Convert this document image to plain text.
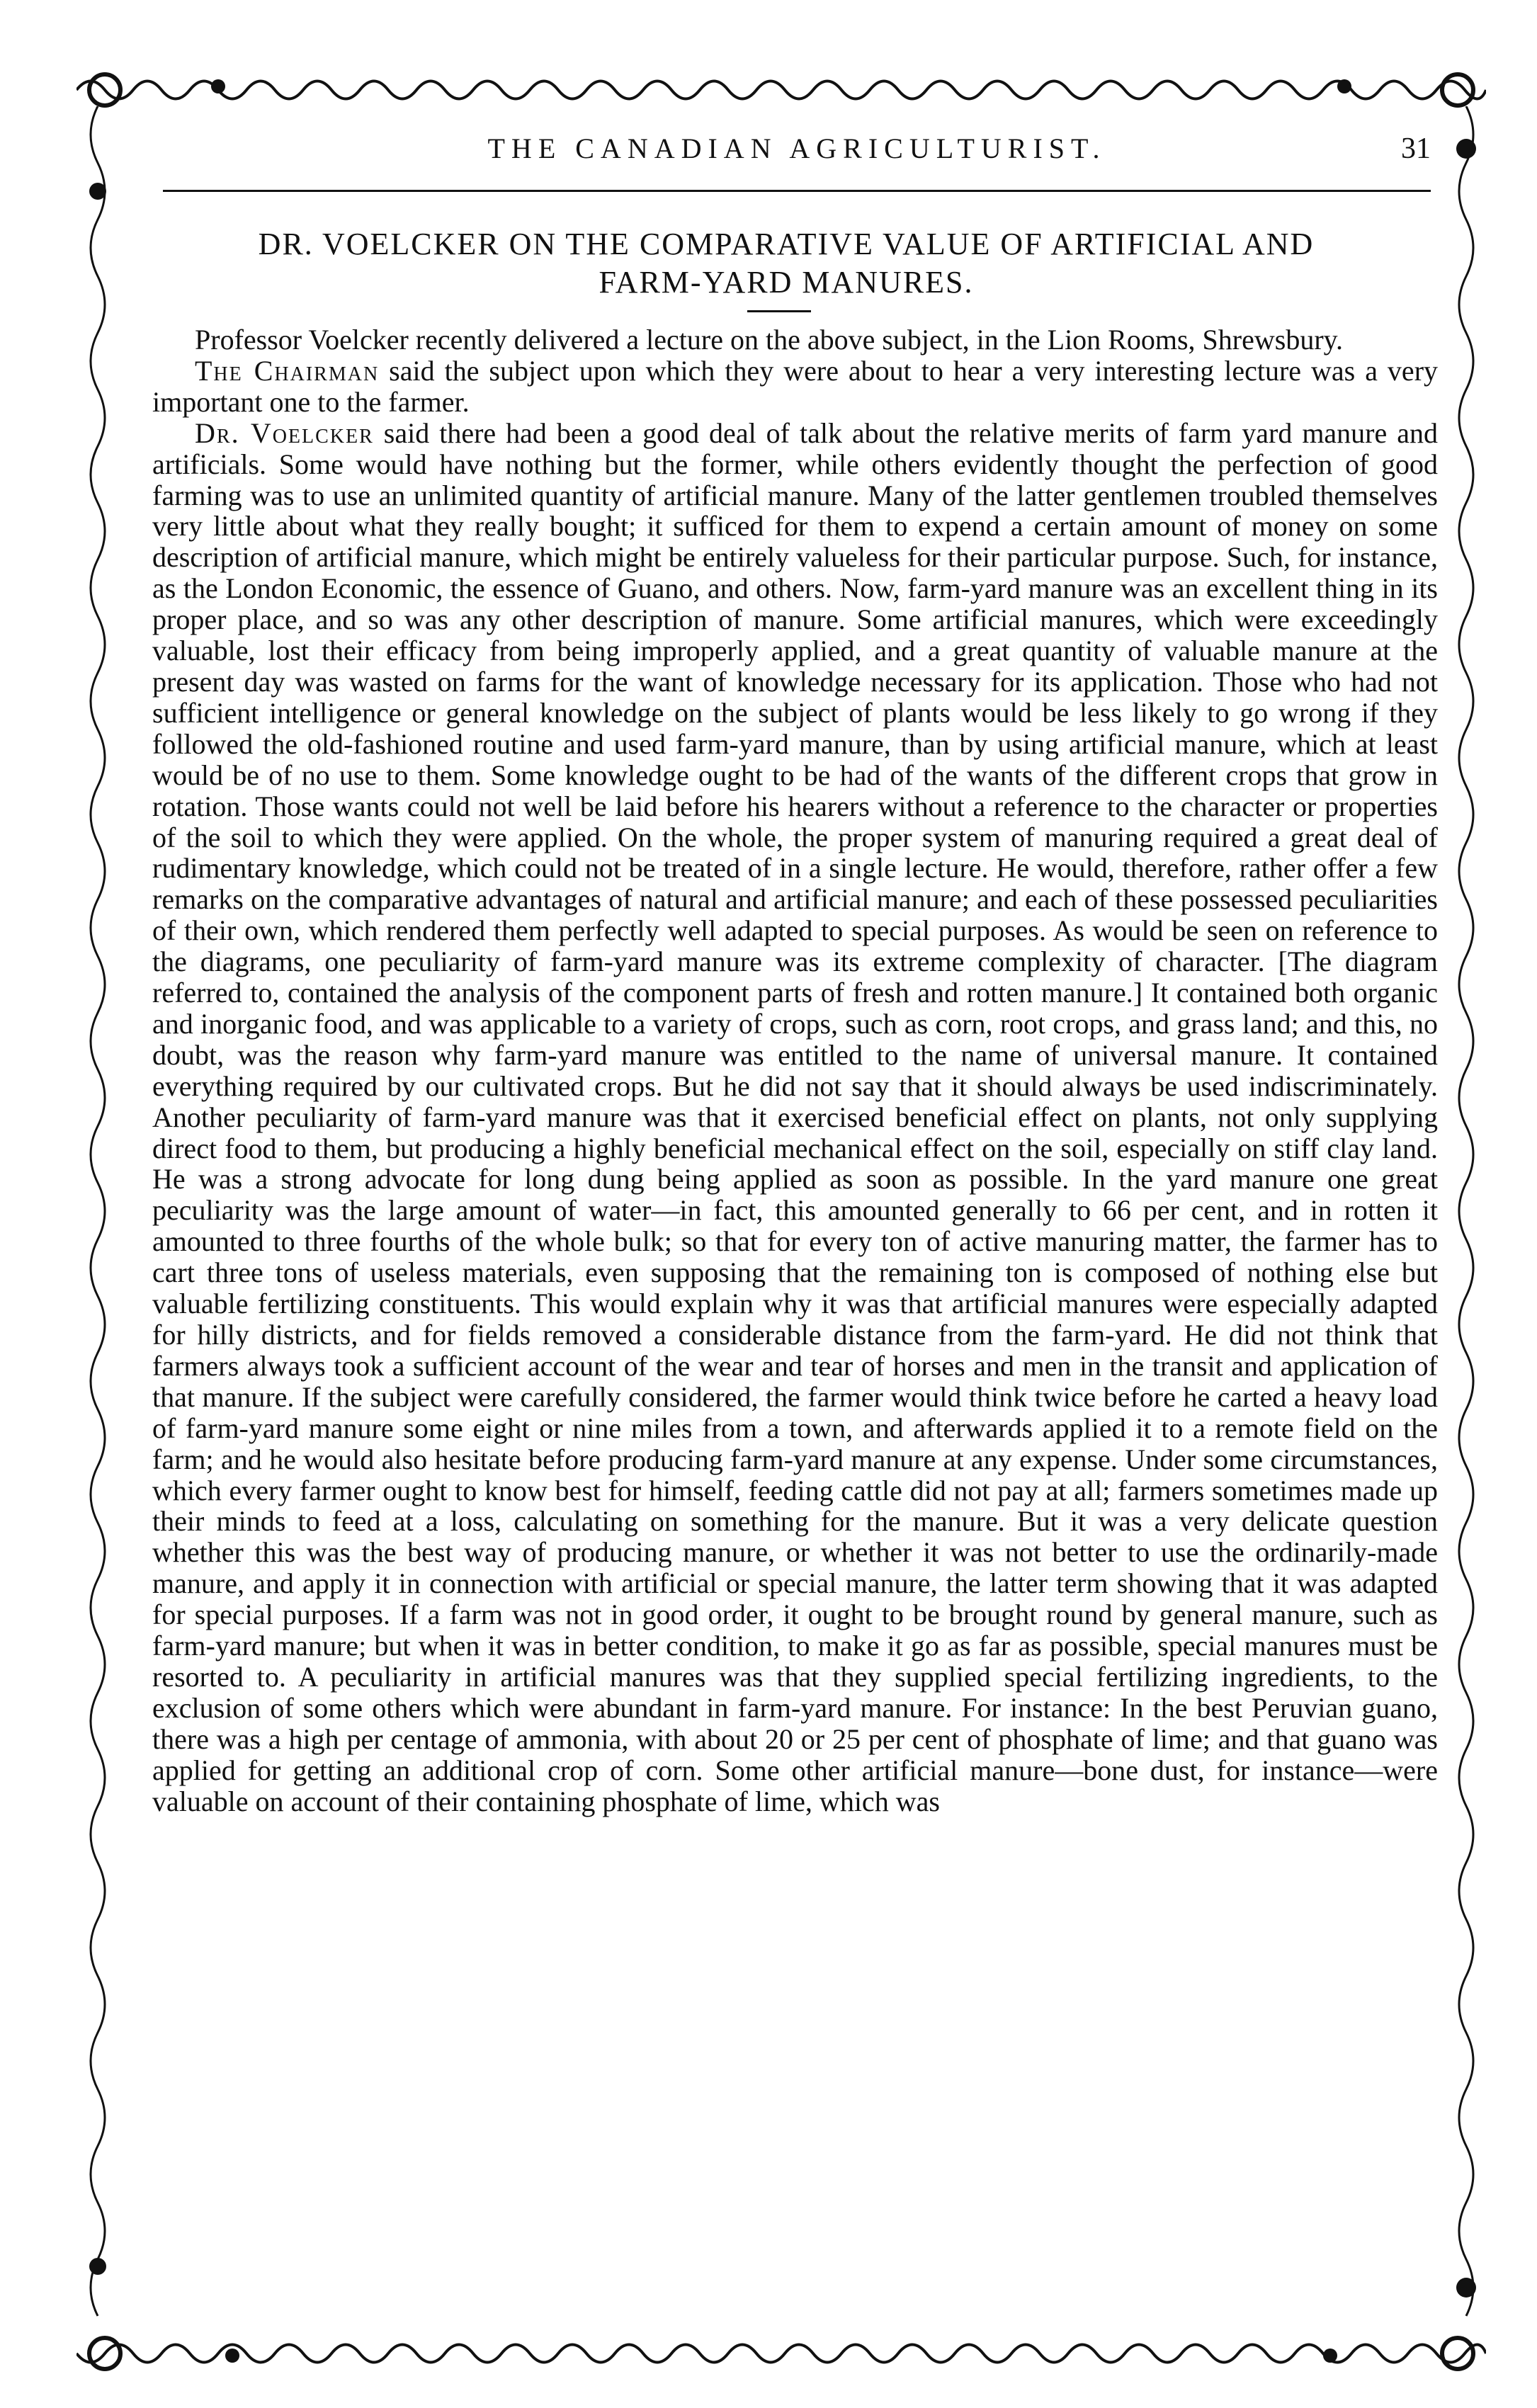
THE CANADIAN AGRICULTURIST.	31
DR. VOELCKER ON THE COMPARATIVE VALUE OF ARTIFICIAL AND
FARM-YARD MANURES.

Professor Voelcker recently delivered a lecture on the above subject, in the Lion Rooms, Shrewsbury.

The Chairman said the subject upon which they were about to hear a very interesting lecture was a very important one to the farmer.

Dr. Voelcker said there had been a good deal of talk about the relative merits of farm yard manure and artificials. Some would have nothing but the former, while others evidently thought the perfection of good farming was to use an unlimited quantity of artificial manure. Many of the latter gentlemen troubled themselves very little about what they really bought; it sufficed for them to expend a certain amount of money on some description of artificial manure, which might be entirely valueless for their particular purpose. Such, for instance, as the London Economic, the essence of Guano, and others. Now, farm-yard manure was an excellent thing in its proper place, and so was any other description of manure. Some artificial manures, which were exceedingly valuable, lost their efficacy from being improperly applied, and a great quantity of valuable manure at the present day was wasted on farms for the want of knowledge necessary for its application. Those who had not sufficient intelligence or general knowledge on the subject of plants would be less likely to go wrong if they followed the old-fashioned routine and used farm-yard manure, than by using artificial manure, which at least would be of no use to them. Some knowledge ought to be had of the wants of the different crops that grow in rotation. Those wants could not well be laid before his hearers without a reference to the character or properties of the soil to which they were applied. On the whole, the proper system of manuring required a great deal of rudimentary knowledge, which could not be treated of in a single lecture. He would, therefore, rather offer a few remarks on the comparative advantages of natural and artificial manure; and each of these possessed peculiarities of their own, which rendered them perfectly well adapted to special purposes. As would be seen on reference to the diagrams, one peculiarity of farm-yard manure was its extreme complexity of character. [The diagram referred to, contained the analysis of the component parts of fresh and rotten manure.] It contained both organic and inorganic food, and was applicable to a variety of crops, such as corn, root crops, and grass land; and this, no doubt, was the reason why farm-yard manure was entitled to the name of universal manure. It contained everything required by our cultivated crops. But he did not say that it should always be used indiscriminately. Another peculiarity of farm-yard manure was that it exercised beneficial effect on plants, not only supplying direct food to them, but producing a highly beneficial mechanical effect on the soil, especially on stiff clay land. He was a strong advocate for long dung being applied as soon as possible. In the yard manure one great peculiarity was the large amount of water—in fact, this amounted generally to 66 per cent, and in rotten it amounted to three fourths of the whole bulk; so that for every ton of active manuring matter, the farmer has to cart three tons of useless materials, even supposing that the remaining ton is composed of nothing else but valuable fertilizing constituents. This would explain why it was that artificial manures were especially adapted for hilly districts, and for fields removed a considerable distance from the farm-yard. He did not think that farmers always took a sufficient account of the wear and tear of horses and men in the transit and application of that manure. If the subject were carefully considered, the farmer would think twice before he carted a heavy load of farm-yard manure some eight or nine miles from a town, and afterwards applied it to a remote field on the farm; and he would also hesitate before producing farm-yard manure at any expense. Under some circumstances, which every farmer ought to know best for himself, feeding cattle did not pay at all; farmers sometimes made up their minds to feed at a loss, calculating on something for the manure. But it was a very delicate question whether this was the best way of producing manure, or whether it was not better to use the ordinarily-made manure, and apply it in connection with artificial or special manure, the latter term showing that it was adapted for special purposes. If a farm was not in good order, it ought to be brought round by general manure, such as farm-yard manure; but when it was in better condition, to make it go as far as possible, special manures must be resorted to. A peculiarity in artificial manures was that they supplied special fertilizing ingredients, to the exclusion of some others which were abundant in farm-yard manure. For instance: In the best Peruvian guano, there was a high per centage of ammonia, with about 20 or 25 per cent of phosphate of lime; and that guano was applied for getting an additional crop of corn. Some other artificial manure—bone dust, for instance—were valuable on account of their containing phosphate of lime, which was
